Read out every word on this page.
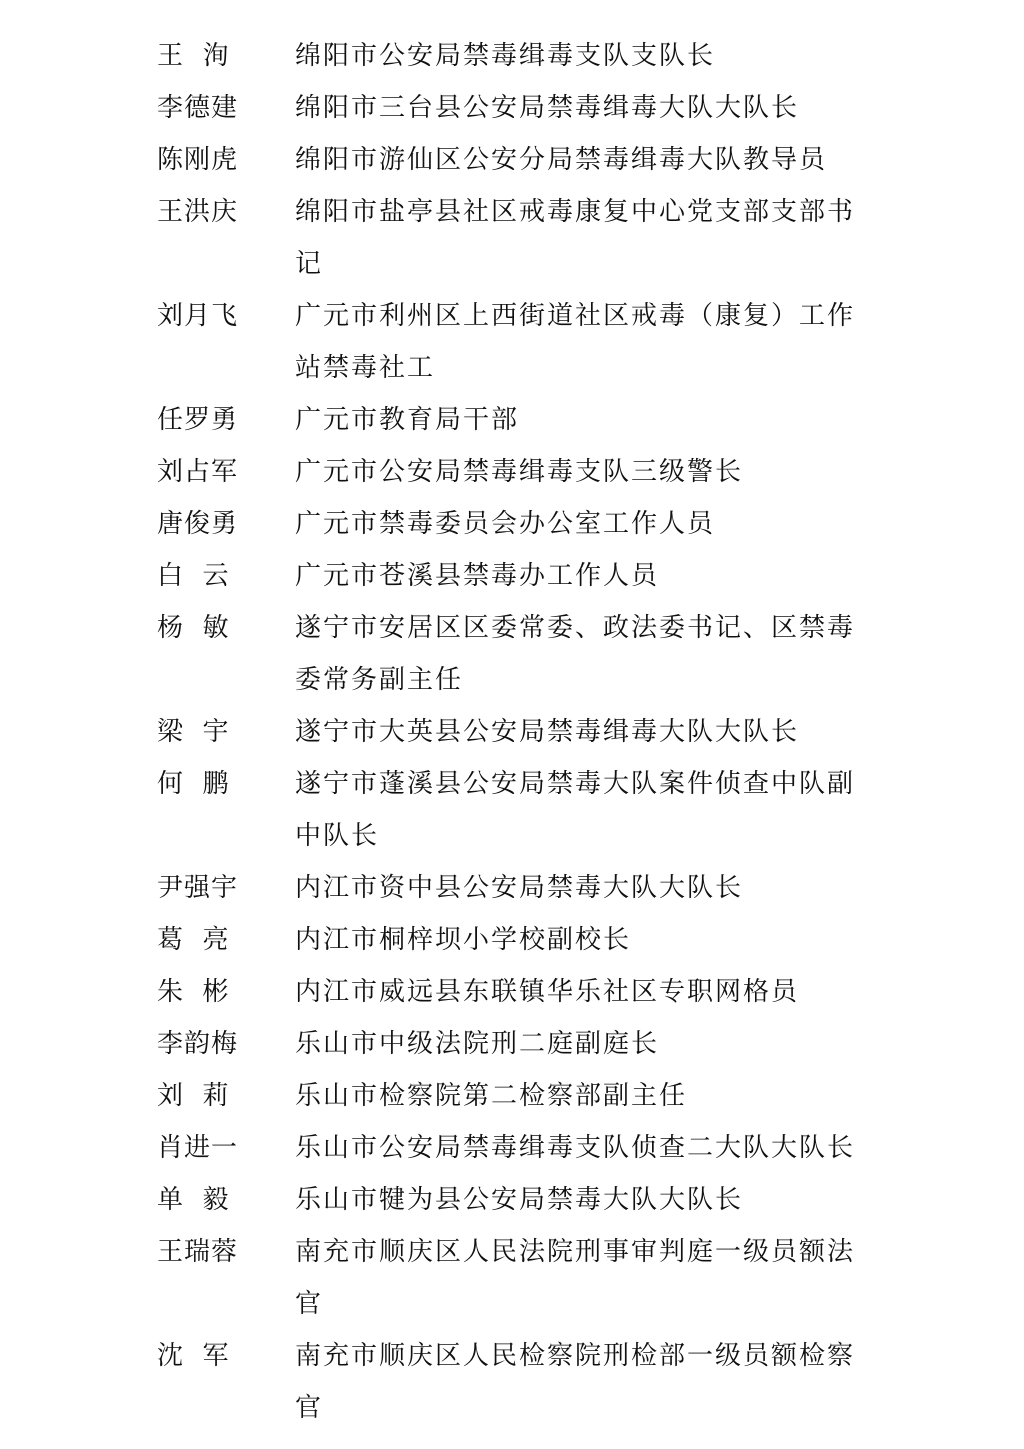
王  洵	绵阳市公安局禁毒缉毒支队支队长
李德建	绵阳市三台县公安局禁毒缉毒大队大队长
陈刚虎	绵阳市游仙区公安分局禁毒缉毒大队教导员
王洪庆	绵阳市盐亭县社区戒毒康复中心党支部支部书记
刘月飞	广元市利州区上西街道社区戒毒（康复）工作站禁毒社工
任罗勇	广元市教育局干部
刘占军	广元市公安局禁毒缉毒支队三级警长
唐俊勇	广元市禁毒委员会办公室工作人员
白  云	广元市苍溪县禁毒办工作人员
杨  敏	遂宁市安居区区委常委、政法委书记、区禁毒委常务副主任
梁  宇	遂宁市大英县公安局禁毒缉毒大队大队长
何  鹏	遂宁市蓬溪县公安局禁毒大队案件侦查中队副中队长
尹强宇	内江市资中县公安局禁毒大队大队长
葛  亮	内江市桐梓坝小学校副校长
朱  彬	内江市威远县东联镇华乐社区专职网格员
李韵梅	乐山市中级法院刑二庭副庭长
刘  莉	乐山市检察院第二检察部副主任
肖进一	乐山市公安局禁毒缉毒支队侦查二大队大队长
单  毅	乐山市犍为县公安局禁毒大队大队长
王瑞蓉	南充市顺庆区人民法院刑事审判庭一级员额法官
沈  军	南充市顺庆区人民检察院刑检部一级员额检察官
